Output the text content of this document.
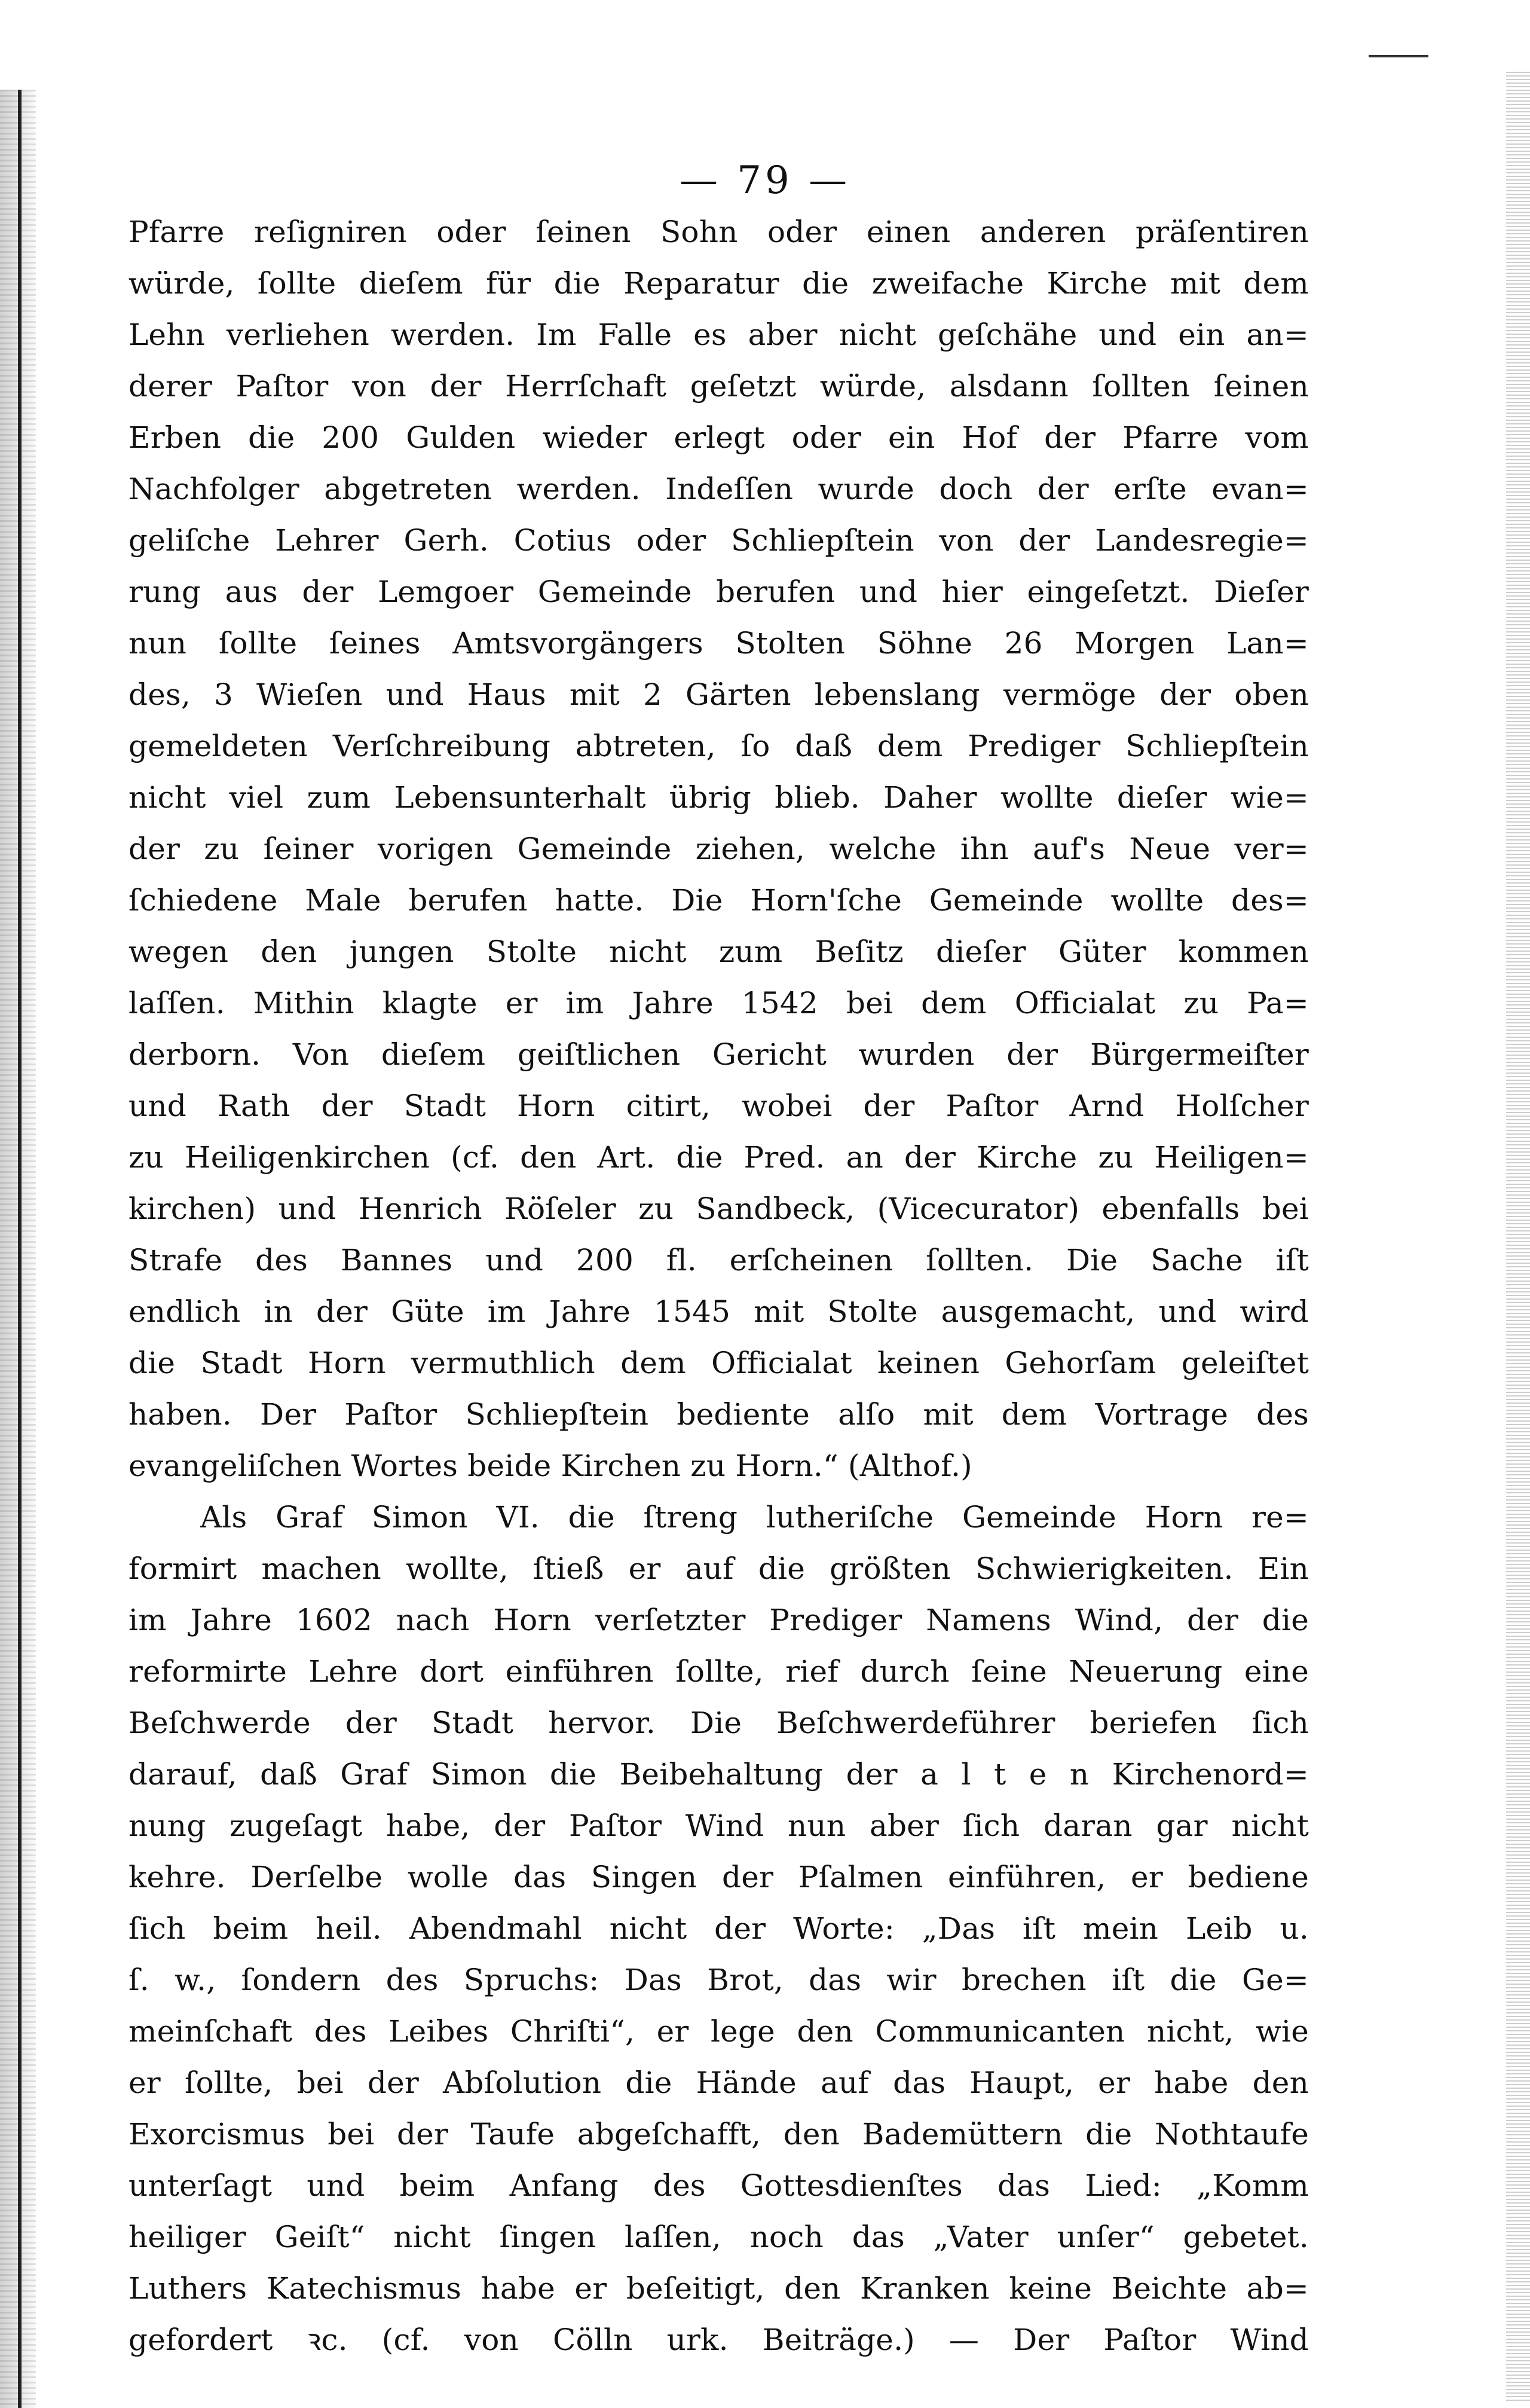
— 79 —
Pfarre reſigniren oder ſeinen Sohn oder einen anderen präſentiren
würde, ſollte dieſem für die Reparatur die zweifache Kirche mit dem
Lehn verliehen werden. Im Falle es aber nicht geſchähe und ein an=
derer Paſtor von der Herrſchaft geſetzt würde, alsdann ſollten ſeinen
Erben die 200 Gulden wieder erlegt oder ein Hof der Pfarre vom
Nachfolger abgetreten werden. Indeſſen wurde doch der erſte evan=
geliſche Lehrer Gerh. Cotius oder Schliepſtein von der Landesregie=
rung aus der Lemgoer Gemeinde berufen und hier eingeſetzt. Dieſer
nun ſollte ſeines Amtsvorgängers Stolten Söhne 26 Morgen Lan=
des, 3 Wieſen und Haus mit 2 Gärten lebenslang vermöge der oben
gemeldeten Verſchreibung abtreten, ſo daß dem Prediger Schliepſtein
nicht viel zum Lebensunterhalt übrig blieb. Daher wollte dieſer wie=
der zu ſeiner vorigen Gemeinde ziehen, welche ihn auf's Neue ver=
ſchiedene Male berufen hatte. Die Horn'ſche Gemeinde wollte des=
wegen den jungen Stolte nicht zum Beſitz dieſer Güter kommen
laſſen. Mithin klagte er im Jahre 1542 bei dem Officialat zu Pa=
derborn. Von dieſem geiſtlichen Gericht wurden der Bürgermeiſter
und Rath der Stadt Horn citirt, wobei der Paſtor Arnd Holſcher
zu Heiligenkirchen (cf. den Art. die Pred. an der Kirche zu Heiligen=
kirchen) und Henrich Röſeler zu Sandbeck, (Vicecurator) ebenfalls bei
Strafe des Bannes und 200 fl. erſcheinen ſollten. Die Sache iſt
endlich in der Güte im Jahre 1545 mit Stolte ausgemacht, und wird
die Stadt Horn vermuthlich dem Officialat keinen Gehorſam geleiſtet
haben. Der Paſtor Schliepſtein bediente alſo mit dem Vortrage des
evangeliſchen Wortes beide Kirchen zu Horn.“ (Althof.)
Als Graf Simon VI. die ſtreng lutheriſche Gemeinde Horn re=
formirt machen wollte, ſtieß er auf die größten Schwierigkeiten. Ein
im Jahre 1602 nach Horn verſetzter Prediger Namens Wind, der die
reformirte Lehre dort einführen ſollte, rief durch ſeine Neuerung eine
Beſchwerde der Stadt hervor. Die Beſchwerdeführer beriefen ſich
darauf, daß Graf Simon die Beibehaltung der a l t e n Kirchenord=
nung zugeſagt habe, der Paſtor Wind nun aber ſich daran gar nicht
kehre. Derſelbe wolle das Singen der Pſalmen einführen, er bediene
ſich beim heil. Abendmahl nicht der Worte: „Das iſt mein Leib u.
ſ. w., ſondern des Spruchs: Das Brot, das wir brechen iſt die Ge=
meinſchaft des Leibes Chriſti“, er lege den Communicanten nicht, wie
er ſollte, bei der Abſolution die Hände auf das Haupt, er habe den
Exorcismus bei der Taufe abgeſchafft, den Bademüttern die Nothtaufe
unterſagt und beim Anfang des Gottesdienſtes das Lied: „Komm
heiliger Geiſt“ nicht ſingen laſſen, noch das „Vater unſer“ gebetet.
Luthers Katechismus habe er beſeitigt, den Kranken keine Beichte ab=
gefordert ꝛc. (cf. von Cölln urk. Beiträge.) — Der Paſtor Wind
